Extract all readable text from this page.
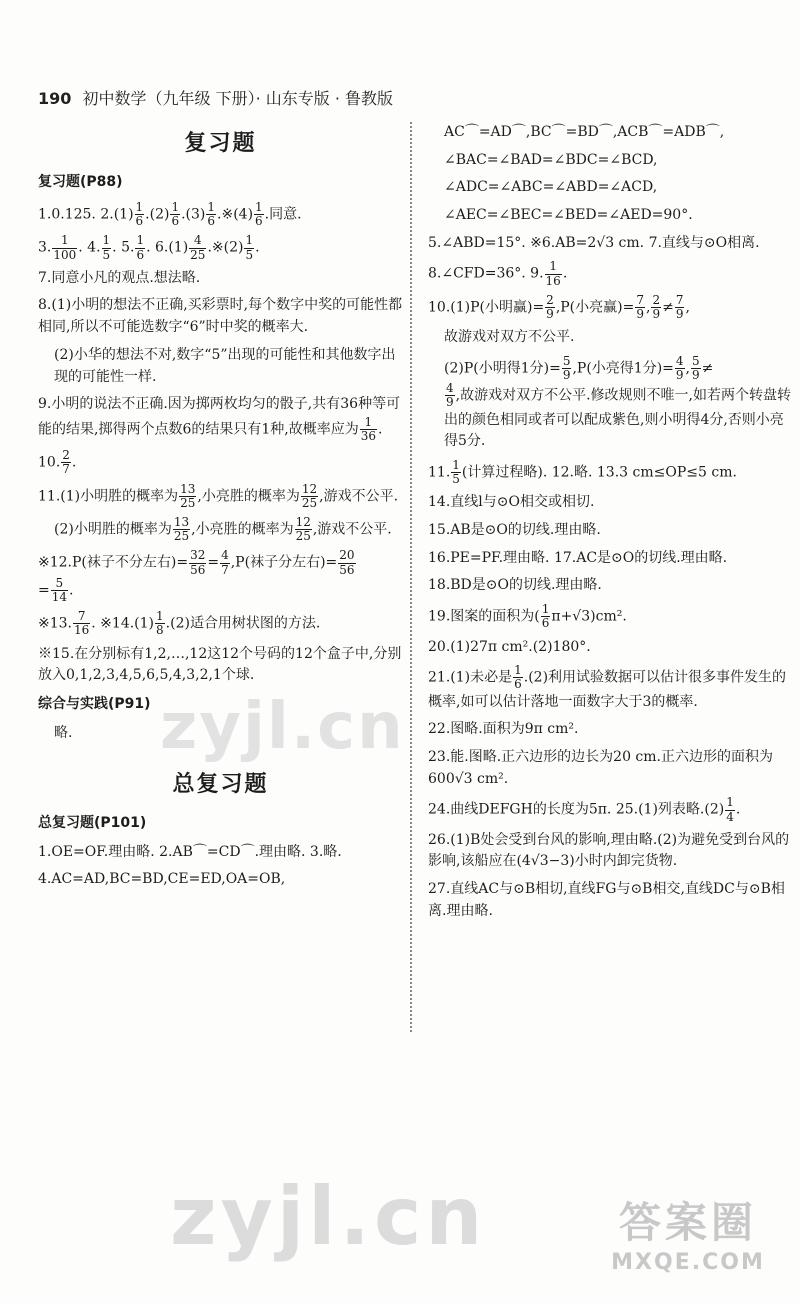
190 初中数学（九年级 下册）· 山东专版 · 鲁教版
复习题
复习题(P88)
1.0.125. $2.(1) \frac{1}{6} .(2) \frac{1}{6} .(3) \frac{1}{6}$ .※(4) $\frac{1}{6}$ .同意.
3. $\frac{1}{100}$ . 4. $\frac{1}{5}$ . 5. $\frac{1}{6}$ . $6.(1) \frac{4}{25}$ .※(2) $\frac{1}{5}$ .
7.同意小凡的观点.想法略.
8.(1)小明的想法不正确,买彩票时,每个数字中奖的可能性都相同,所以不可能选数字“6”时中奖的概率大.
(2)小华的想法不对,数字“5”出现的可能性和其他数字出现的可能性一样.
9.小明的说法不正确.因为掷两枚均匀的骰子,共有36种等可能的结果,掷得两个点数6的结果只有1种,故概率应为 $\frac{1}{36}$ .
10. $\frac{2}{7}$ .
11.(1)小明胜的概率为 $\frac{13}{25}$ ,小亮胜的概率为 $\frac{12}{25}$ ,游戏不公平.
(2)小明胜的概率为 $\frac{13}{25}$ ,小亮胜的概率为 $\frac{12}{25}$ ,游戏不公平.
※12.P(袜子不分左右)= $\frac{32}{56} = \frac{4}{7} ,P$(袜子分左右)= $\frac{20}{56}$

= $\frac{5}{14}$ .
※13. $\frac{7}{16}$ . ※14.(1) $\frac{1}{8} .(2)$适合用树状图的方法.
※15.在分别标有1,2,…,12这12个号码的12个盒子中,分别放入0,1,2,3,4,5,6,5,4,3,2,1个球.
综合与实践(P91)
略.
总复习题
总复习题(P101)
1.OE=OF.理由略. 2.AB⌒=CD⌒.理由略. 3.略.
4.AC=AD,BC=BD,CE=ED,OA=OB,
AC⌒=AD⌒,BC⌒=BD⌒,ACB⌒=ADB⌒,
∠BAC=∠BAD=∠BDC=∠BCD,
∠ADC=∠ABC=∠ABD=∠ACD,
∠AEC=∠BEC=∠BED=∠AED=90°.
5.∠ABD=15°. ※6.AB=2√3 cm. 7.直线与⊙O相离.
8.∠CFD=36°. 9. $\frac{1}{16}$ .
10.(1)P(小明赢)= $\frac{2}{9} ,P$(小亮赢)= $\frac{7}{9}$ , $\frac{2}{9} \ne \frac{7}{9}$ ,
故游戏对双方不公平.
(2)P(小明得1分)= $\frac{5}{9} ,P$(小亮得1分)= $\frac{4}{9}$ , $\frac{5}{9}$ ≠

$\frac{4}{9}$ ,故游戏对双方不公平.修改规则不唯一,如若两个转盘转出的颜色相同或者可以配成紫色,则小明得4分,否则小亮得5分.
11. $\frac{1}{5}$ (计算过程略). 12.略. 13.3 cm≤OP≤5 cm.
14.直线l与⊙O相交或相切.
15.AB是⊙O的切线.理由略.
16.PE=PF.理由略. 17.AC是⊙O的切线.理由略.
18.BD是⊙O的切线.理由略.
19.图案的面积为( $\frac{1}{6} \pi+√3)cm^2$.
20.(1)27π cm².(2)180°.
21.(1)未必是 $\frac{1}{6} .(2)$利用试验数据可以估计很多事件发生的概率,如可以估计落地一面数字大于3的概率.
22.图略.面积为9π cm².
23.能.图略.正六边形的边长为20 cm.正六边形的面积为600√3 cm².
24.曲线DEFGH的长度为5π. 25.(1)列表略$.(2) \frac{1}{4}$ .
26.(1)B处会受到台风的影响,理由略.(2)为避免受到台风的影响,该船应在(4√3−3)小时内卸完货物.
27.直线AC与⊙B相切,直线FG与⊙B相交,直线DC与⊙B相离.理由略.
zyjl.cn
zyjl.cn	答案圈
MXQE.COM
